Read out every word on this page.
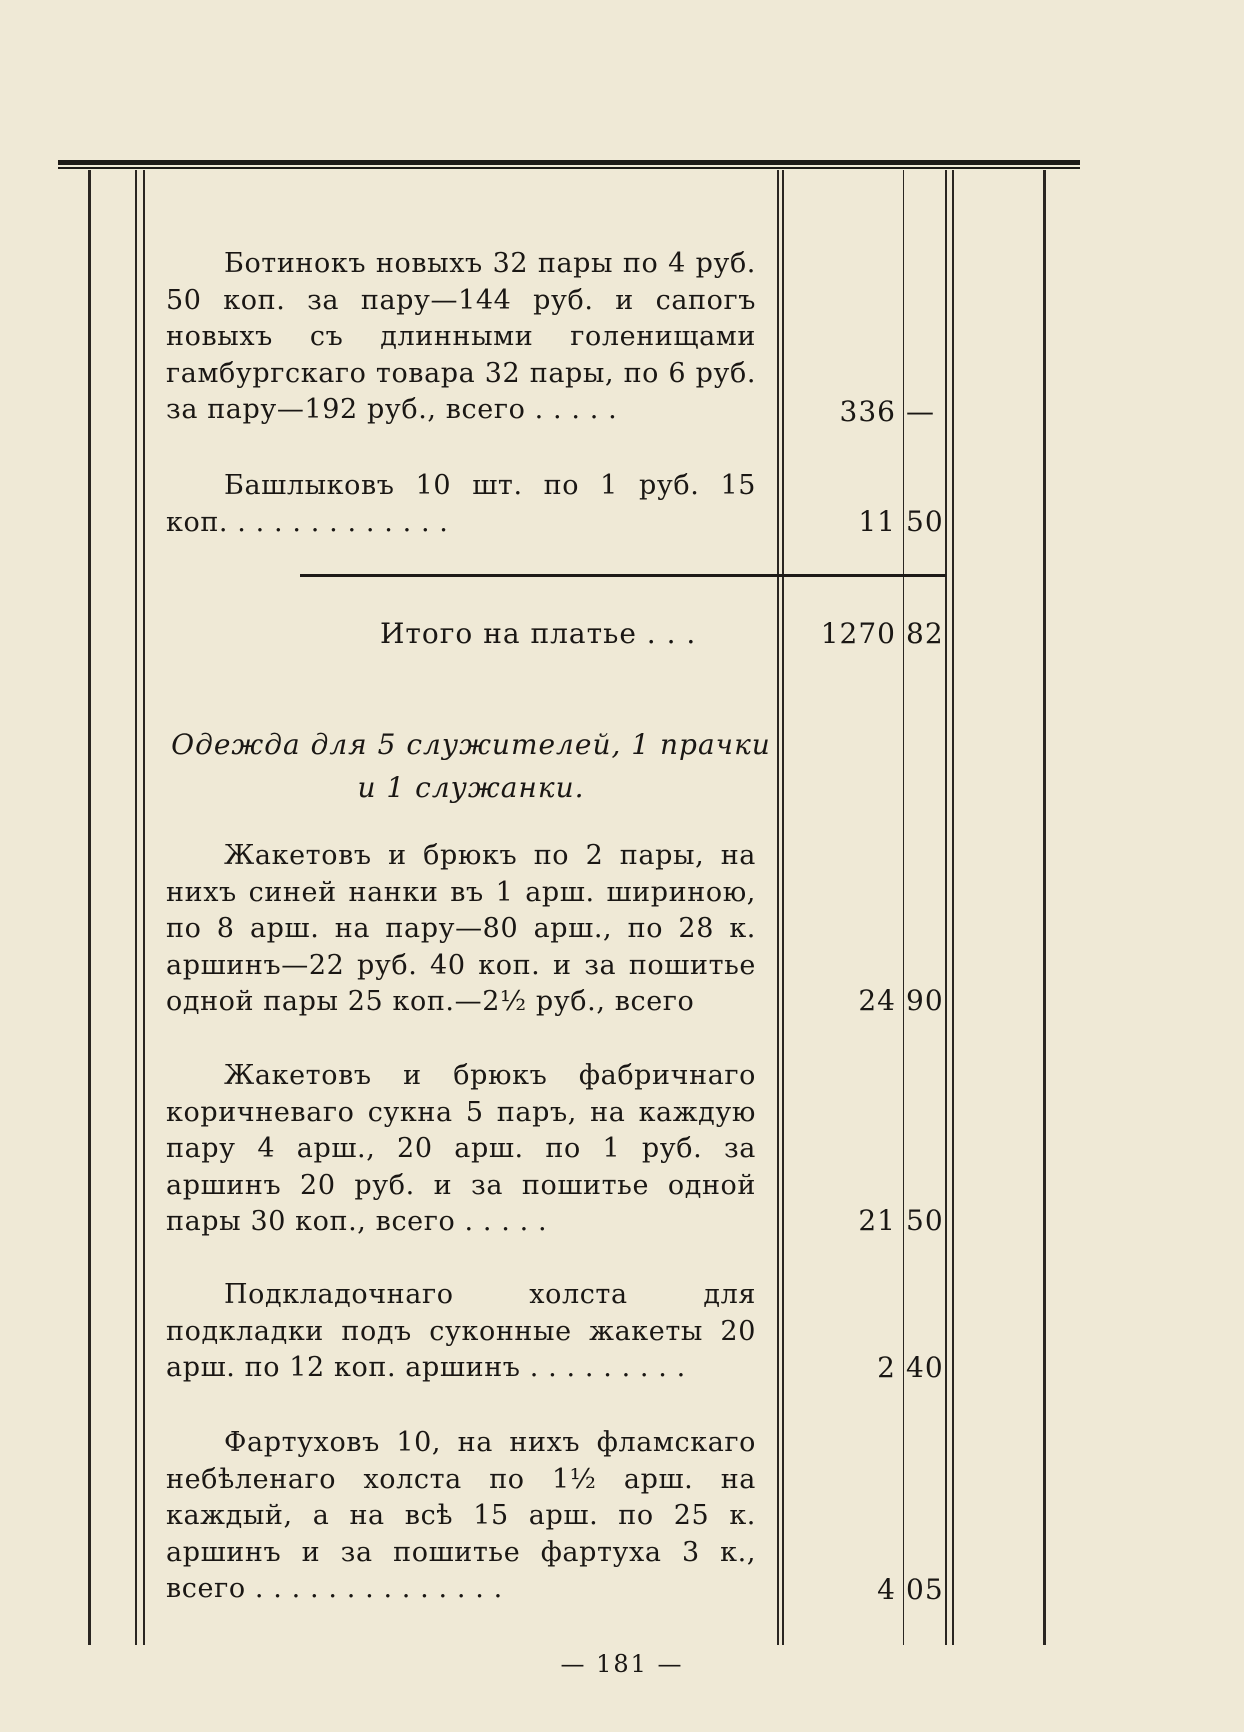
Ботинокъ новыхъ 32 пары по 4 руб. 50 коп. за пару—144 руб. и сапогъ новыхъ съ длинными голенищами гамбургскаго товара 32 пары, по 6 руб. за пару—192 руб., всего . . . . .	336 —

Башлыковъ 10 шт. по 1 руб. 15 коп. . . . . . . . . . . . .	11 50
Итого на платье . . .	1270 82
Одежда для 5 служителей, 1 прачки
и 1 служанки.

Жакетовъ и брюкъ по 2 пары, на нихъ синей нанки въ 1 арш. шириною, по 8 арш. на пару—80 арш., по 28 к. аршинъ—22 руб. 40 коп. и за пошитье одной пары 25 коп.—2½ руб., всего	24 90

Жакетовъ и брюкъ фабричнаго коричневаго сукна 5 паръ, на каждую пару 4 арш., 20 арш. по 1 руб. за аршинъ 20 руб. и за пошитье одной пары 30 коп., всего . . . . .	21 50

Подкладочнаго холста для подкладки подъ суконные жакеты 20 арш. по 12 коп. аршинъ . . . . . . . . .	2 40

Фартуховъ 10, на нихъ фламскаго небѣленаго холста по 1½ арш. на каждый, а на всѣ 15 арш. по 25 к. аршинъ и за пошитье фартуха 3 к., всего . . . . . . . . . . . . . .	4 05
— 181 —
